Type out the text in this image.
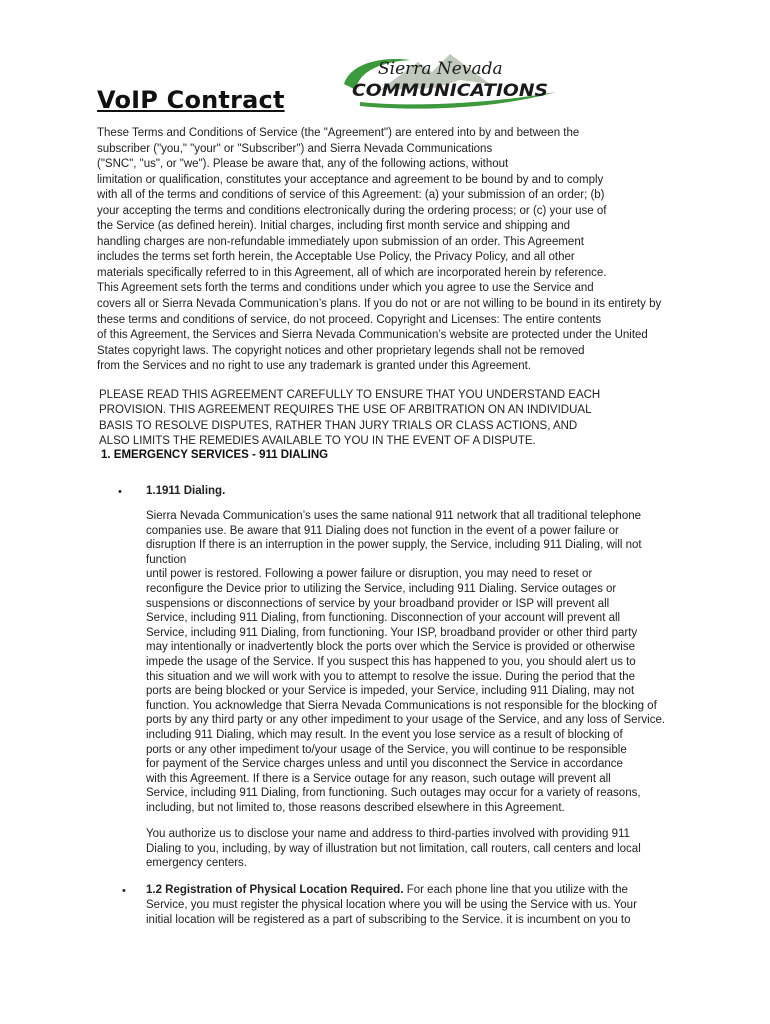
VoIP Contract
Sierra Nevada
COMMUNICATIONS
These Terms and Conditions of Service (the "Agreement") are entered into by and between the
subscriber ("you," "your" or "Subscriber") and Sierra Nevada Communications
("SNC", "us", or "we"). Please be aware that, any of the following actions, without
limitation or qualification, constitutes your acceptance and agreement to be bound by and to comply
with all of the terms and conditions of service of this Agreement: (a) your submission of an order; (b)
your accepting the terms and conditions electronically during the ordering process; or (c) your use of
the Service (as defined herein). Initial charges, including first month service and shipping and
handling charges are non-refundable immediately upon submission of an order. This Agreement
includes the terms set forth herein, the Acceptable Use Policy, the Privacy Policy, and all other
materials specifically referred to in this Agreement, all of which are incorporated herein by reference.
This Agreement sets forth the terms and conditions under which you agree to use the Service and
covers all or Sierra Nevada Communication’s plans. If you do not or are not willing to be bound in its entirety by
these terms and conditions of service, do not proceed. Copyright and Licenses: The entire contents
of this Agreement, the Services and Sierra Nevada Communication’s website are protected under the United
States copyright laws. The copyright notices and other proprietary legends shall not be removed
from the Services and no right to use any trademark is granted under this Agreement.
PLEASE READ THIS AGREEMENT CAREFULLY TO ENSURE THAT YOU UNDERSTAND EACH
PROVISION. THIS AGREEMENT REQUIRES THE USE OF ARBITRATION ON AN INDIVIDUAL
BASIS TO RESOLVE DISPUTES, RATHER THAN JURY TRIALS OR CLASS ACTIONS, AND
ALSO LIMITS THE REMEDIES AVAILABLE TO YOU IN THE EVENT OF A DISPUTE.
1. EMERGENCY SERVICES - 911 DIALING
• 1.1911 Dialing.
Sierra Nevada Communication’s uses the same national 911 network that all traditional telephone
companies use. Be aware that 911 Dialing does not function in the event of a power failure or
disruption If there is an interruption in the power supply, the Service, including 911 Dialing, will not
function
until power is restored. Following a power failure or disruption, you may need to reset or
reconfigure the Device prior to utilizing the Service, including 911 Dialing. Service outages or
suspensions or disconnections of service by your broadband provider or ISP will prevent all
Service, including 911 Dialing, from functioning. Disconnection of your account will prevent all
Service, including 911 Dialing, from functioning. Your ISP, broadband provider or other third party
may intentionally or inadvertently block the ports over which the Service is provided or otherwise
impede the usage of the Service. If you suspect this has happened to you, you should alert us to
this situation and we will work with you to attempt to resolve the issue. During the period that the
ports are being blocked or your Service is impeded, your Service, including 911 Dialing, may not
function. You acknowledge that Sierra Nevada Communications is not responsible for the blocking of
ports by any third party or any other impediment to your usage of the Service, and any loss of Service.
including 911 Dialing, which may result. In the event you lose service as a result of blocking of
ports or any other impediment to/your usage of the Service, you will continue to be responsible
for payment of the Service charges unless and until you disconnect the Service in accordance
with this Agreement. If there is a Service outage for any reason, such outage will prevent all
Service, including 911 Dialing, from functioning. Such outages may occur for a variety of reasons,
including, but not limited to, those reasons described elsewhere in this Agreement.
You authorize us to disclose your name and address to third-parties involved with providing 911
Dialing to you, including, by way of illustration but not limitation, call routers, call centers and local
emergency centers.
• 1.2 Registration of Physical Location Required. For each phone line that you utilize with the
Service, you must register the physical location where you will be using the Service with us. Your
initial location will be registered as a part of subscribing to the Service. it is incumbent on you to
